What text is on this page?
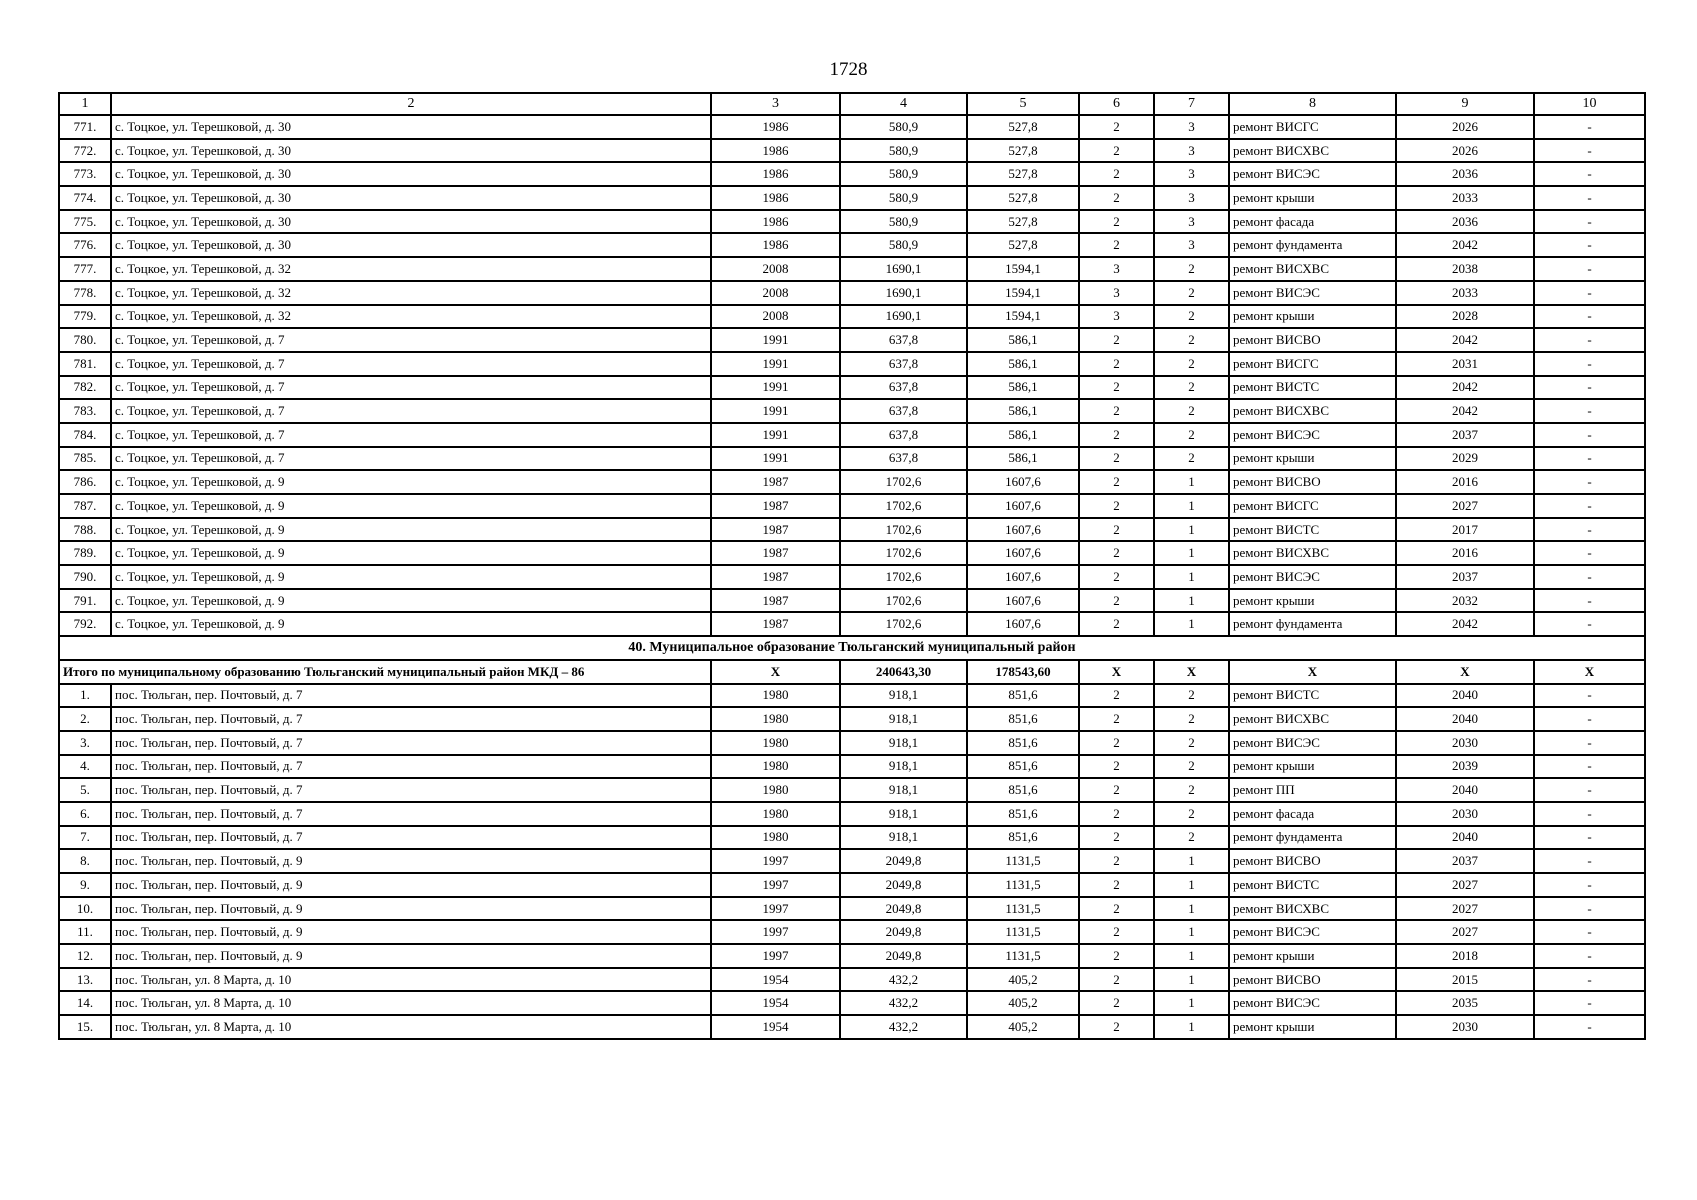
1728
1	2	3	4	5	6	7	8	9	10
771.	с. Тоцкое, ул. Терешковой, д. 30	1986	580,9	527,8	2	3	ремонт ВИСГС	2026	-
772.	с. Тоцкое, ул. Терешковой, д. 30	1986	580,9	527,8	2	3	ремонт ВИСХВС	2026	-
773.	с. Тоцкое, ул. Терешковой, д. 30	1986	580,9	527,8	2	3	ремонт ВИСЭС	2036	-
774.	с. Тоцкое, ул. Терешковой, д. 30	1986	580,9	527,8	2	3	ремонт крыши	2033	-
775.	с. Тоцкое, ул. Терешковой, д. 30	1986	580,9	527,8	2	3	ремонт фасада	2036	-
776.	с. Тоцкое, ул. Терешковой, д. 30	1986	580,9	527,8	2	3	ремонт фундамента	2042	-
777.	с. Тоцкое, ул. Терешковой, д. 32	2008	1690,1	1594,1	3	2	ремонт ВИСХВС	2038	-
778.	с. Тоцкое, ул. Терешковой, д. 32	2008	1690,1	1594,1	3	2	ремонт ВИСЭС	2033	-
779.	с. Тоцкое, ул. Терешковой, д. 32	2008	1690,1	1594,1	3	2	ремонт крыши	2028	-
780.	с. Тоцкое, ул. Терешковой, д. 7	1991	637,8	586,1	2	2	ремонт ВИСВО	2042	-
781.	с. Тоцкое, ул. Терешковой, д. 7	1991	637,8	586,1	2	2	ремонт ВИСГС	2031	-
782.	с. Тоцкое, ул. Терешковой, д. 7	1991	637,8	586,1	2	2	ремонт ВИСТС	2042	-
783.	с. Тоцкое, ул. Терешковой, д. 7	1991	637,8	586,1	2	2	ремонт ВИСХВС	2042	-
784.	с. Тоцкое, ул. Терешковой, д. 7	1991	637,8	586,1	2	2	ремонт ВИСЭС	2037	-
785.	с. Тоцкое, ул. Терешковой, д. 7	1991	637,8	586,1	2	2	ремонт крыши	2029	-
786.	с. Тоцкое, ул. Терешковой, д. 9	1987	1702,6	1607,6	2	1	ремонт ВИСВО	2016	-
787.	с. Тоцкое, ул. Терешковой, д. 9	1987	1702,6	1607,6	2	1	ремонт ВИСГС	2027	-
788.	с. Тоцкое, ул. Терешковой, д. 9	1987	1702,6	1607,6	2	1	ремонт ВИСТС	2017	-
789.	с. Тоцкое, ул. Терешковой, д. 9	1987	1702,6	1607,6	2	1	ремонт ВИСХВС	2016	-
790.	с. Тоцкое, ул. Терешковой, д. 9	1987	1702,6	1607,6	2	1	ремонт ВИСЭС	2037	-
791.	с. Тоцкое, ул. Терешковой, д. 9	1987	1702,6	1607,6	2	1	ремонт крыши	2032	-
792.	с. Тоцкое, ул. Терешковой, д. 9	1987	1702,6	1607,6	2	1	ремонт фундамента	2042	-
40. Муниципальное образование Тюльганский муниципальный район									
Итого по муниципальному образованию Тюльганский муниципальный район МКД – 86		Х	240643,30	178543,60	Х	Х	Х	Х	Х
1.	пос. Тюльган, пер. Почтовый, д. 7	1980	918,1	851,6	2	2	ремонт ВИСТС	2040	-
2.	пос. Тюльган, пер. Почтовый, д. 7	1980	918,1	851,6	2	2	ремонт ВИСХВС	2040	-
3.	пос. Тюльган, пер. Почтовый, д. 7	1980	918,1	851,6	2	2	ремонт ВИСЭС	2030	-
4.	пос. Тюльган, пер. Почтовый, д. 7	1980	918,1	851,6	2	2	ремонт крыши	2039	-
5.	пос. Тюльган, пер. Почтовый, д. 7	1980	918,1	851,6	2	2	ремонт ПП	2040	-
6.	пос. Тюльган, пер. Почтовый, д. 7	1980	918,1	851,6	2	2	ремонт фасада	2030	-
7.	пос. Тюльган, пер. Почтовый, д. 7	1980	918,1	851,6	2	2	ремонт фундамента	2040	-
8.	пос. Тюльган, пер. Почтовый, д. 9	1997	2049,8	1131,5	2	1	ремонт ВИСВО	2037	-
9.	пос. Тюльган, пер. Почтовый, д. 9	1997	2049,8	1131,5	2	1	ремонт ВИСТС	2027	-
10.	пос. Тюльган, пер. Почтовый, д. 9	1997	2049,8	1131,5	2	1	ремонт ВИСХВС	2027	-
11.	пос. Тюльган, пер. Почтовый, д. 9	1997	2049,8	1131,5	2	1	ремонт ВИСЭС	2027	-
12.	пос. Тюльган, пер. Почтовый, д. 9	1997	2049,8	1131,5	2	1	ремонт крыши	2018	-
13.	пос. Тюльган, ул. 8 Марта, д. 10	1954	432,2	405,2	2	1	ремонт ВИСВО	2015	-
14.	пос. Тюльган, ул. 8 Марта, д. 10	1954	432,2	405,2	2	1	ремонт ВИСЭС	2035	-
15.	пос. Тюльган, ул. 8 Марта, д. 10	1954	432,2	405,2	2	1	ремонт крыши	2030	-
